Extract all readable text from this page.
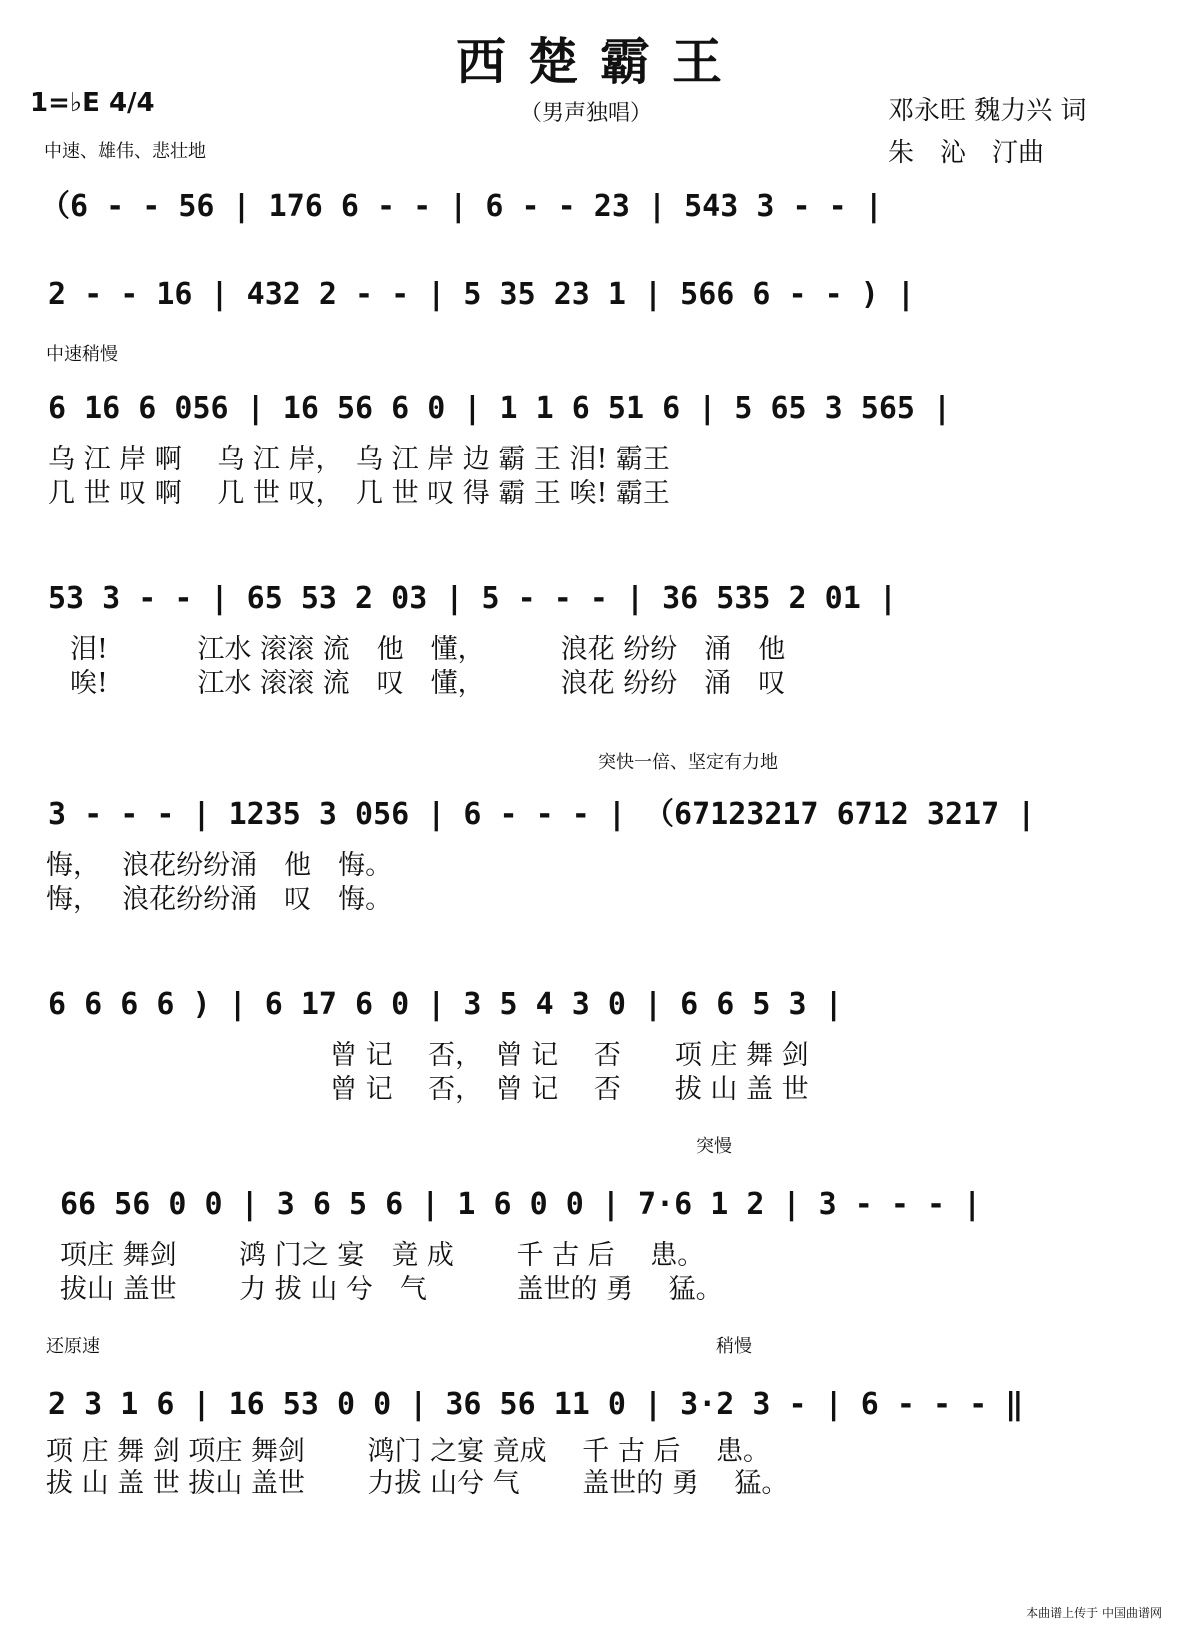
西楚霸王
1=♭E 4/4	（男声独唱）	邓永旺 魏力兴 词
朱　沁　汀曲
中速、雄伟、悲壮地
（6 - - 56 | 176 6 - - | 6 - - 23 | 543 3 - - |
2 - - 16 | 432 2 - - | 5 35 23 1 | 566 6 - - ) |
中速稍慢
6 16 6 056 | 16 56 6 0 | 1 1 6 51 6 | 5 65 3 565 |
乌 江 岸 啊　 乌 江 岸，　乌 江 岸 边 霸 王 泪! 霸王
几 世 叹 啊　 几 世 叹，　几 世 叹 得 霸 王 唉! 霸王
53 3 - - | 65 53 2 03 | 5 - - - | 36 535 2 01 |
泪!　　　 江水 滚滚 流　他　懂，　　　 浪花 纷纷　涌　他
唉!　　　 江水 滚滚 流　叹　懂，　　　 浪花 纷纷　涌　叹
突快一倍、坚定有力地
3 - - - | 1235 3 056 | 6 - - - | （67123217 6712 3217 |
悔，　 浪花纷纷涌　他　悔。
悔，　 浪花纷纷涌　叹　悔。
6 6 6 6 ) | 6 17 6 0 | 3 5 4 3 0 | 6 6 5 3 |
曾 记　 否，　曾 记　 否　　项 庄 舞 剑
曾 记　 否，　曾 记　 否　　拔 山 盖 世
突慢
66 56 0 0 | 3 6 5 6 | 1 6 0 0 | 7·6 1 2 | 3 - - - |
项庄 舞剑　　 鸿 门之 宴　竟 成　　 千 古 后　 患。
拔山 盖世　　 力 拔 山 兮　气　　　 盖世的 勇　 猛。
还原速	稍慢
2 3 1 6 | 16 53 0 0 | 36 56 11 0 | 3·2 3 - | 6 - - - ‖
项 庄 舞 剑 项庄 舞剑　　 鸿门 之宴 竟成　 千 古 后　 患。
拔 山 盖 世 拔山 盖世　　 力拔 山兮 气　　 盖世的 勇　 猛。
本曲谱上传于 中国曲谱网
